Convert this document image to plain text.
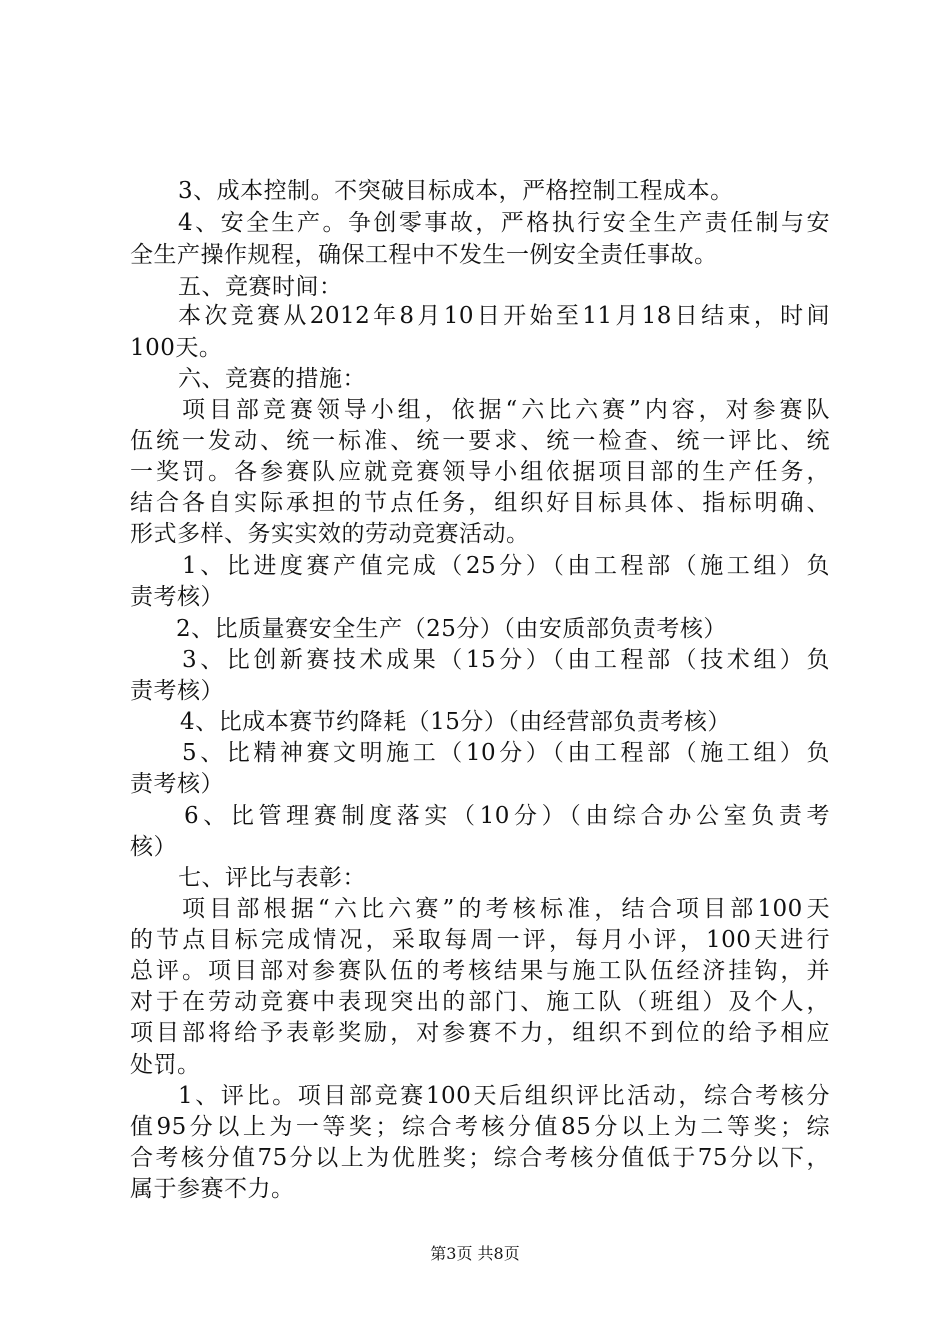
3、成本控制。不突破目标成本，严格控制工程成本。
4、安全生产。争创零事故，严格执行安全生产责任制与安
全生产操作规程，确保工程中不发生一例安全责任事故。
五、竞赛时间：
本次竞赛从2012年8月10日开始至11月18日结束，时间
100天。
六、竞赛的措施：
项目部竞赛领导小组，依据“六比六赛”内容，对参赛队
伍统一发动、统一标准、统一要求、统一检查、统一评比、统
一奖罚。各参赛队应就竞赛领导小组依据项目部的生产任务，
结合各自实际承担的节点任务，组织好目标具体、指标明确、
形式多样、务实实效的劳动竞赛活动。
1、比进度赛产值完成（25分）（由工程部（施工组）负
责考核）
2、比质量赛安全生产（25分）（由安质部负责考核）
3、比创新赛技术成果（15分）（由工程部（技术组）负
责考核）
4、比成本赛节约降耗（15分）（由经营部负责考核）
5、比精神赛文明施工（10分）（由工程部（施工组）负
责考核）
6、比管理赛制度落实（10分）（由综合办公室负责考
核）
七、评比与表彰：
项目部根据“六比六赛”的考核标准，结合项目部100天
的节点目标完成情况，采取每周一评，每月小评，100天进行
总评。项目部对参赛队伍的考核结果与施工队伍经济挂钩，并
对于在劳动竞赛中表现突出的部门、施工队（班组）及个人，
项目部将给予表彰奖励，对参赛不力，组织不到位的给予相应
处罚。
1、评比。项目部竞赛100天后组织评比活动，综合考核分
值95分以上为一等奖；综合考核分值85分以上为二等奖；综
合考核分值75分以上为优胜奖；综合考核分值低于75分以下，
属于参赛不力。
第3页 共8页
